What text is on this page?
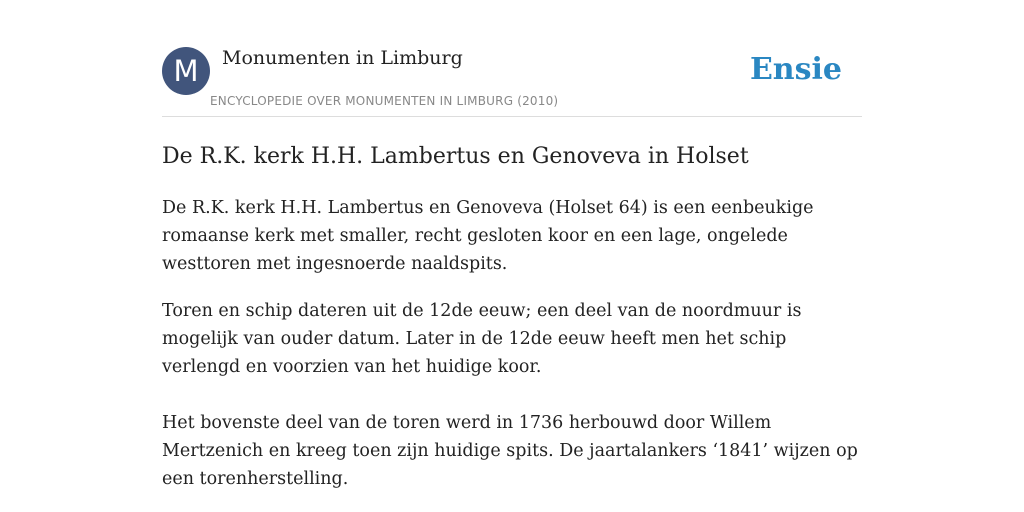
M	Monumenten in Limburg
ENCYCLOPEDIE OVER MONUMENTEN IN LIMBURG (2010)
Ensie
De R.K. kerk H.H. Lambertus en Genoveva in Holset

De R.K. kerk H.H. Lambertus en Genoveva (Holset 64) is een eenbeukige romaanse kerk met smaller, recht gesloten koor en een lage, ongelede westtoren met ingesnoerde naaldspits.

Toren en schip dateren uit de 12de eeuw; een deel van de noordmuur is mogelijk van ouder datum. Later in de 12de eeuw heeft men het schip verlengd en voorzien van het huidige koor.

Het bovenste deel van de toren werd in 1736 herbouwd door Willem Mertzenich en kreeg toen zijn huidige spits. De jaartalankers ‘1841’ wijzen op een torenherstelling.
